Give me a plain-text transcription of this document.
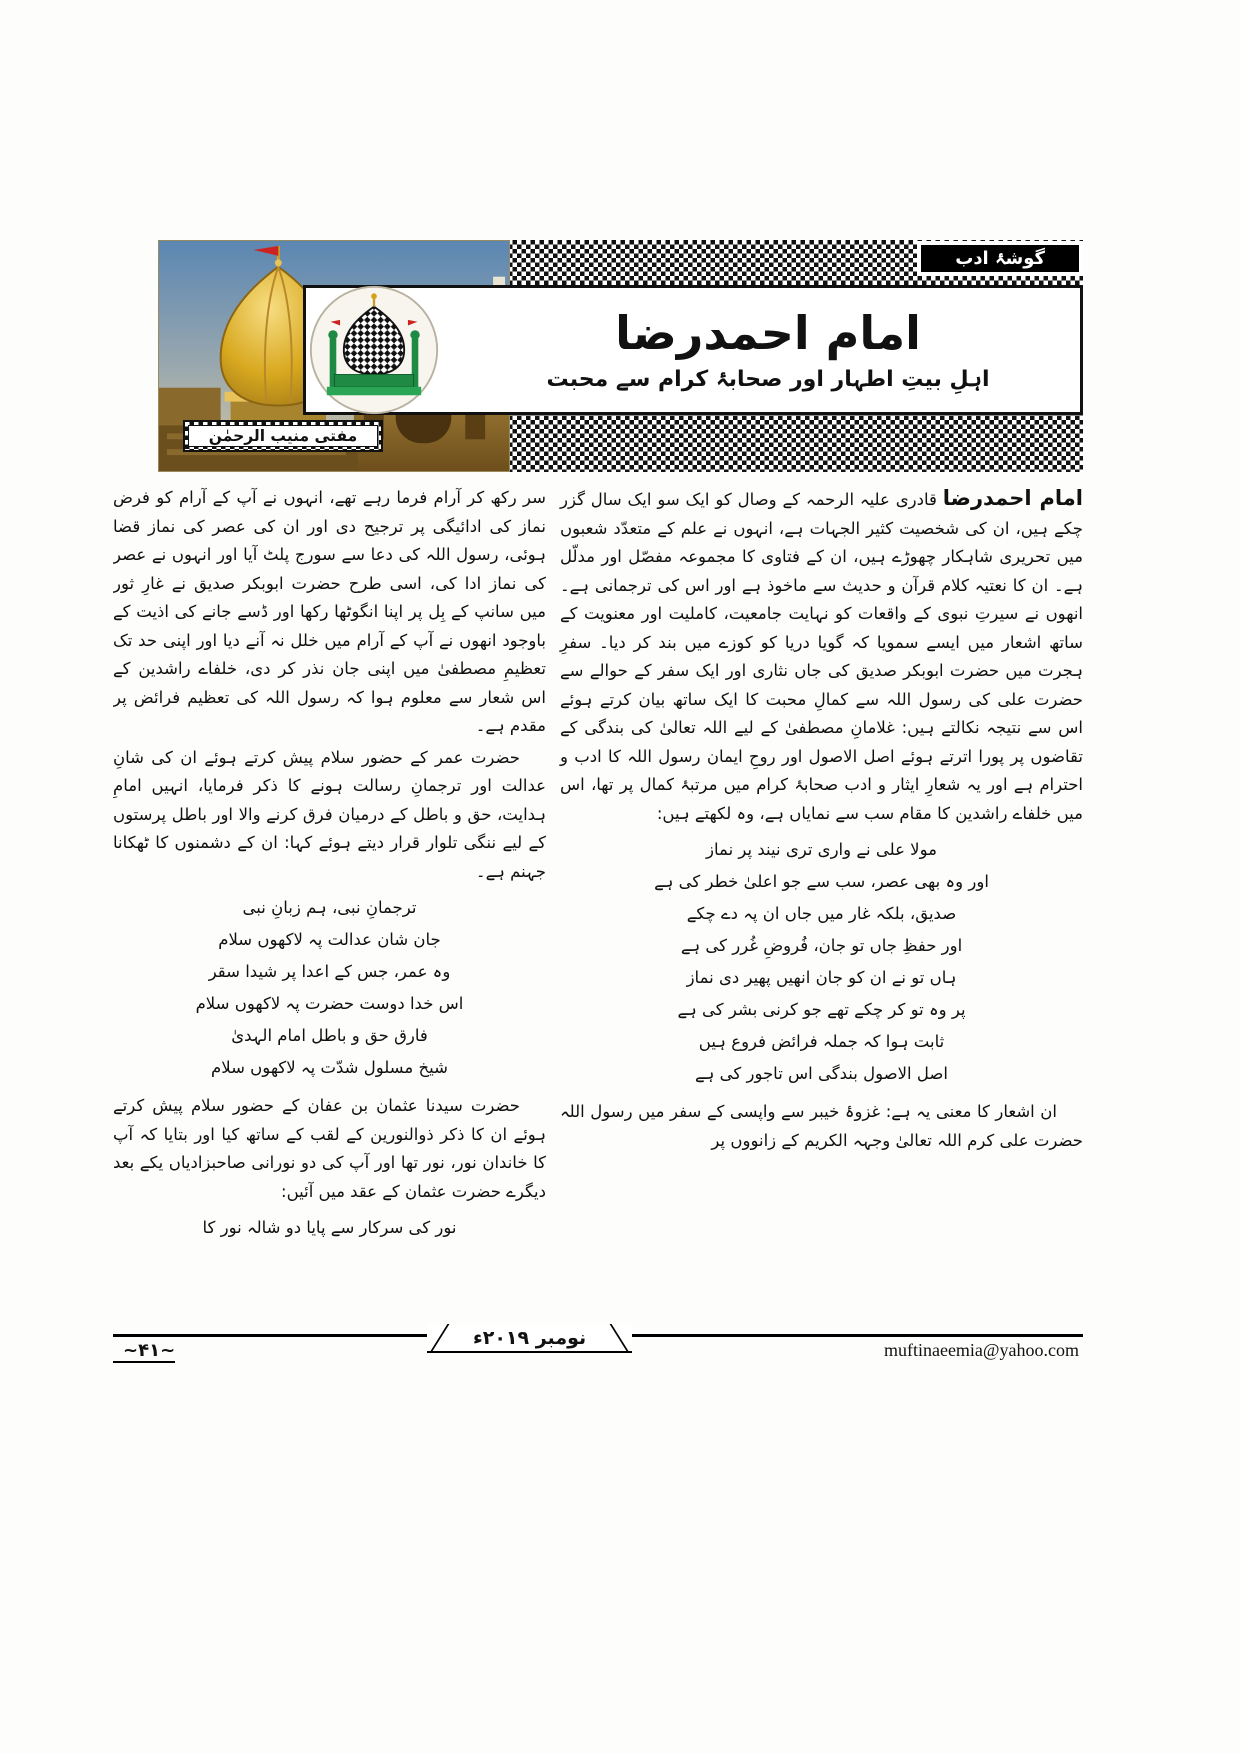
گوشۂ ادب
امام احمدرضا
اہلِ بیتِ اطہار اور صحابۂ کرام سے محبت
مفتی منیب الرحمٰن

امام احمدرضا قادری علیہ الرحمہ کے وصال کو ایک سو ایک سال گزر چکے ہیں، ان کی شخصیت کثیر الجہات ہے، انہوں نے علم کے متعدّد شعبوں میں تحریری شاہکار چھوڑے ہیں، ان کے فتاوی کا مجموعہ مفصّل اور مدلّل ہے۔ ان کا نعتیہ کلام قرآن و حدیث سے ماخوذ ہے اور اس کی ترجمانی ہے۔ انھوں نے سیرتِ نبوی کے واقعات کو نہایت جامعیت، کاملیت اور معنویت کے ساتھ اشعار میں ایسے سمویا کہ گویا دریا کو کوزے میں بند کر دیا۔ سفرِ ہجرت میں حضرت ابوبکر صدیق کی جاں نثاری اور ایک سفر کے حوالے سے حضرت علی کی رسول اللہ سے کمالِ محبت کا ایک ساتھ بیان کرتے ہوئے اس سے نتیجہ نکالتے ہیں: غلامانِ مصطفیٰ کے لیے اللہ تعالیٰ کی بندگی کے تقاضوں پر پورا اترتے ہوئے اصل الاصول اور روحِ ایمان رسول اللہ کا ادب و احترام ہے اور یہ شعارِ ایثار و ادب صحابۂ کرام میں مرتبۂ کمال پر تھا، اس میں خلفاے راشدین کا مقام سب سے نمایاں ہے، وہ لکھتے ہیں:

مولا علی نے واری تری نیند پر نماز
اور وہ بھی عصر، سب سے جو اعلیٰ خطر کی ہے
صدیق، بلکہ غار میں جاں ان پہ دے چکے
اور حفظِ جاں تو جان، فُروضِ غُرر کی ہے
ہاں تو نے ان کو جان انھیں پھیر دی نماز
پر وہ تو کر چکے تھے جو کرنی بشر کی ہے
ثابت ہوا کہ جملہ فرائض فروع ہیں
اصل الاصول بندگی اس تاجور کی ہے

ان اشعار کا معنی یہ ہے: غزوۂ خیبر سے واپسی کے سفر میں رسول اللہ حضرت علی کرم اللہ تعالیٰ وجہہ الکریم کے زانووں پر

سر رکھ کر آرام فرما رہے تھے، انہوں نے آپ کے آرام کو فرض نماز کی ادائیگی پر ترجیح دی اور ان کی عصر کی نماز قضا ہوئی، رسول اللہ کی دعا سے سورج پلٹ آیا اور انہوں نے عصر کی نماز ادا کی، اسی طرح حضرت ابوبکر صدیق نے غارِ ثور میں سانپ کے بِل پر اپنا انگوٹھا رکھا اور ڈسے جانے کی اذیت کے باوجود انھوں نے آپ کے آرام میں خلل نہ آنے دیا اور اپنی حد تک تعظیمِ مصطفیٰ میں اپنی جان نذر کر دی، خلفاے راشدین کے اس شعار سے معلوم ہوا کہ رسول اللہ کی تعظیم فرائض پر مقدم ہے۔

حضرت عمر کے حضور سلام پیش کرتے ہوئے ان کی شانِ عدالت اور ترجمانِ رسالت ہونے کا ذکر فرمایا، انہیں امامِ ہدایت، حق و باطل کے درمیان فرق کرنے والا اور باطل پرستوں کے لیے ننگی تلوار قرار دیتے ہوئے کہا: ان کے دشمنوں کا ٹھکانا جہنم ہے۔

ترجمانِ نبی، ہم زبانِ نبی
جان شان عدالت پہ لاکھوں سلام
وہ عمر، جس کے اعدا پر شیدا سقر
اس خدا دوست حضرت پہ لاکھوں سلام
فارق حق و باطل امام الہدیٰ
شیخ مسلول شدّت پہ لاکھوں سلام

حضرت سیدنا عثمان بن عفان کے حضور سلام پیش کرتے ہوئے ان کا ذکر ذوالنورین کے لقب کے ساتھ کیا اور بتایا کہ آپ کا خاندان نور، نور تھا اور آپ کی دو نورانی صاحبزادیاں یکے بعد دیگرے حضرت عثمان کے عقد میں آئیں:

نور کی سرکار سے پایا دو شالہ نور کا
~۴۱~
نومبر ۲۰۱۹ء
muftinaeemia@yahoo.com
